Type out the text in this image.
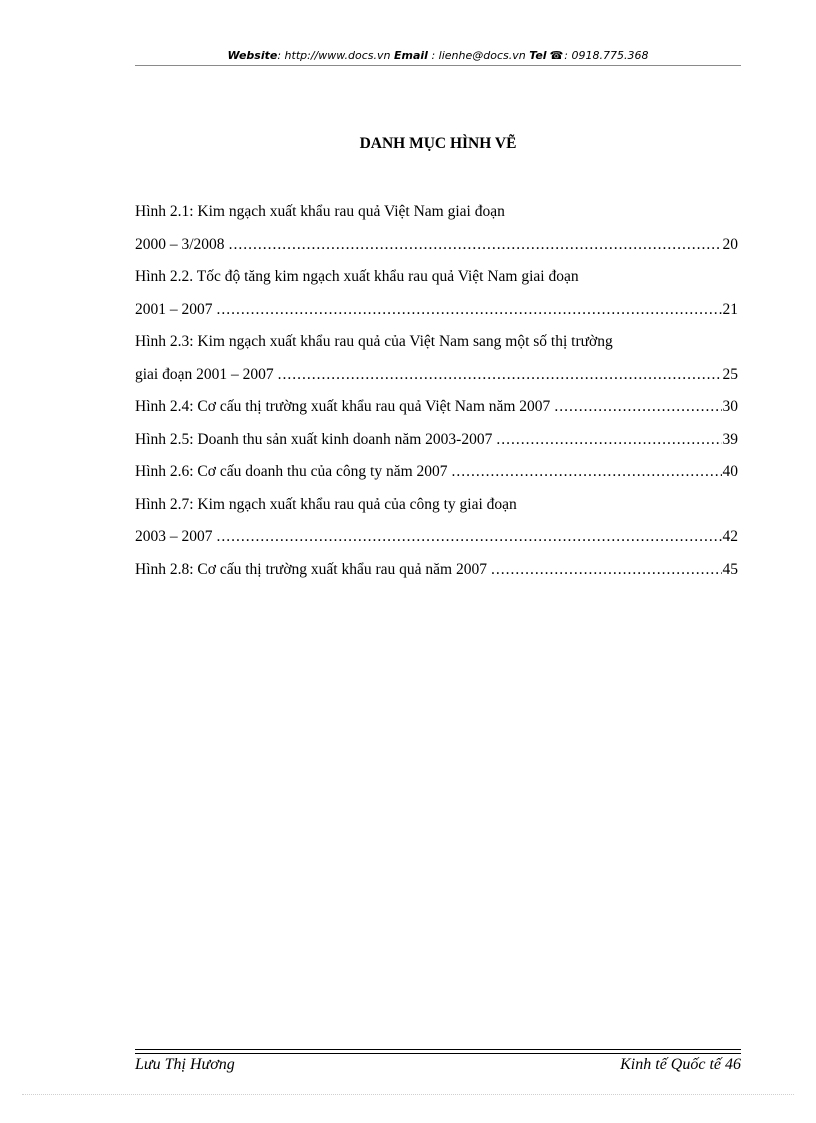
Website: http://www.docs.vn Email : lienhe@docs.vn Tel ☎: 0918.775.368
DANH MỤC HÌNH VẼ
Hình 2.1: Kim ngạch xuất khẩu rau quả Việt Nam giai đoạn
2000 – 3/2008 .....	20
Hình 2.2. Tốc độ tăng kim ngạch xuất khẩu rau quả Việt Nam giai đoạn
2001 – 2007 .....	21
Hình 2.3: Kim ngạch xuất khẩu rau quả của Việt Nam sang một số thị trường
giai đoạn 2001 – 2007 .....	25
Hình 2.4: Cơ cấu thị trường xuất khẩu rau quả Việt Nam năm 2007 .....	30
Hình 2.5: Doanh thu sản xuất kinh doanh năm 2003-2007 .....	39
Hình 2.6: Cơ cấu doanh thu của công ty năm 2007 .....	40
Hình 2.7: Kim ngạch xuất khẩu rau quả của công ty giai đoạn
2003 – 2007 .....	42
Hình 2.8: Cơ cấu thị trường xuất khẩu rau quả năm 2007 .....	45
Lưu Thị Hương	Kinh tế Quốc tế 46
